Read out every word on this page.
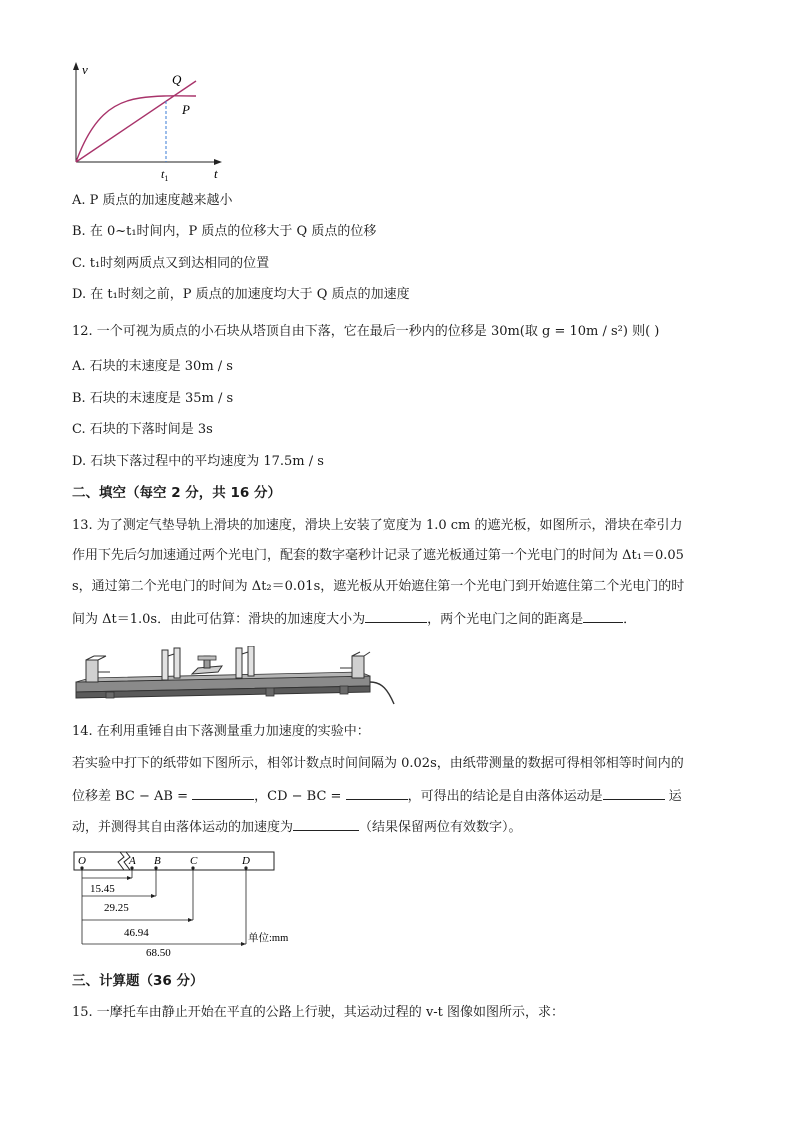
v
t
Q
P
$t_1$
A. P 质点的加速度越来越小
B. 在 0~t₁时间内，P 质点的位移大于 Q 质点的位移
C. t₁时刻两质点又到达相同的位置
D. 在 t₁时刻之前，P 质点的加速度均大于 Q 质点的加速度
12. 一个可视为质点的小石块从塔顶自由下落，它在最后一秒内的位移是 30m(取 g = 10m / s²) 则( )
A. 石块的末速度是 30m / s
B. 石块的末速度是 35m / s
C. 石块的下落时间是 3s
D. 石块下落过程中的平均速度为 17.5m / s
二、填空（每空 2 分，共 16 分）
13. 为了测定气垫导轨上滑块的加速度，滑块上安装了宽度为 1.0 cm 的遮光板，如图所示，滑块在牵引力
作用下先后匀加速通过两个光电门，配套的数字毫秒计记录了遮光板通过第一个光电门的时间为 Δt₁＝0.05
s，通过第二个光电门的时间为 Δt₂＝0.01s，遮光板从开始遮住第一个光电门到开始遮住第二个光电门的时
间为 Δt＝1.0s．由此可估算：滑块的加速度大小为	，两个光电门之间的距离是	．
14. 在利用重锤自由下落测量重力加速度的实验中：
若实验中打下的纸带如下图所示，相邻计数点时间间隔为 0.02s，由纸带测量的数据可得相邻相等时间内的
位移差 BC − AB =	，CD − BC =	，可得出的结论是自由落体运动是	运
动，并测得其自由落体运动的加速度为	（结果保留两位有效数字）。
O	A B	C	D
15.45
29.25
46.94
68.50
单位:mm
三、计算题（36 分）
15. 一摩托车由静止开始在平直的公路上行驶，其运动过程的 v-t 图像如图所示，求：
